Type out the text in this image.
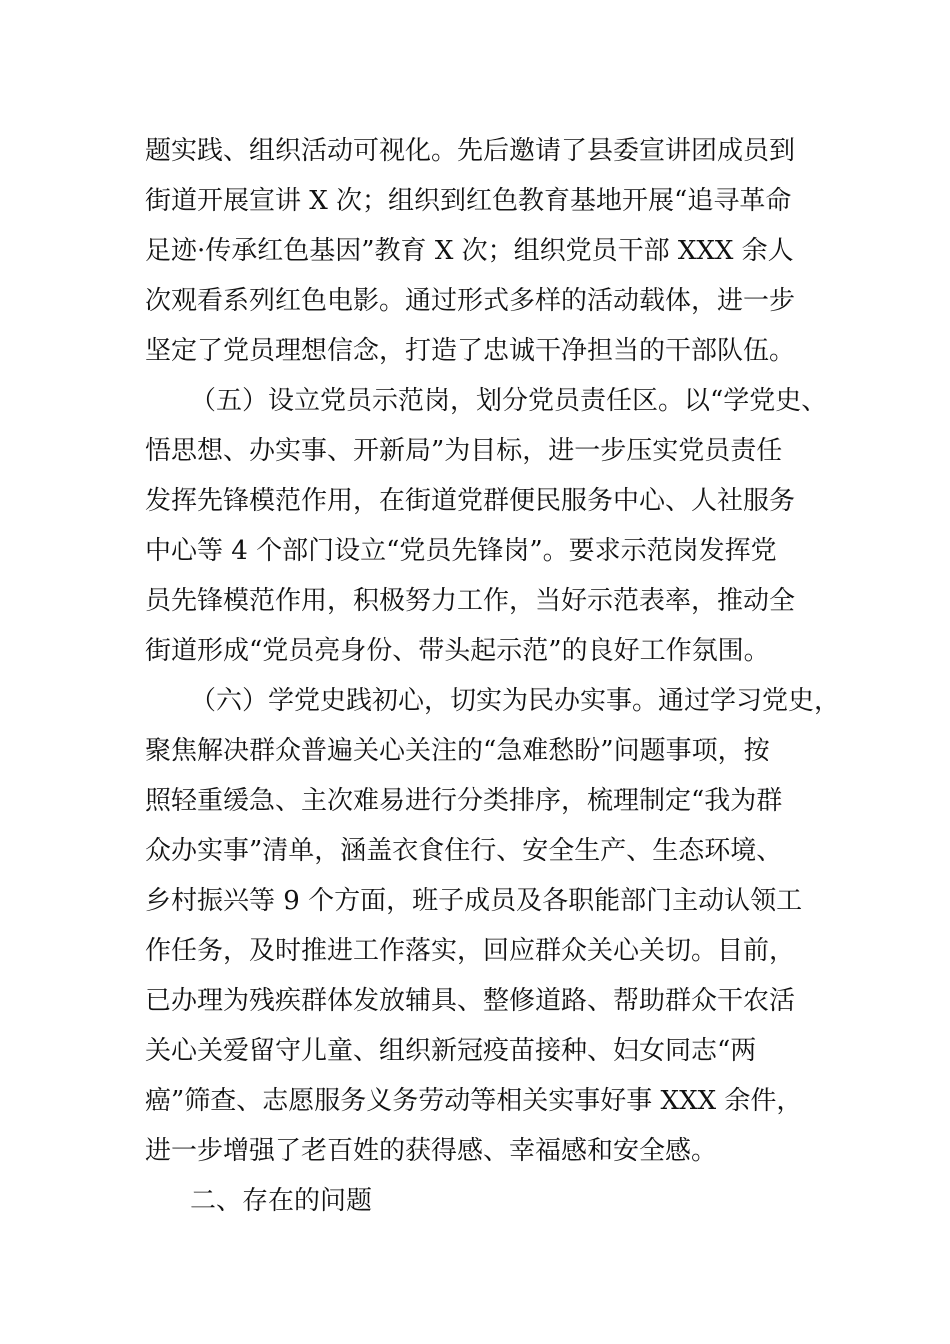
题实践、组织活动可视化。先后邀请了县委宣讲团成员到
街道开展宣讲 X 次；组织到红色教育基地开展“追寻革命
足迹·传承红色基因”教育 X 次；组织党员干部 XXX 余人
次观看系列红色电影。通过形式多样的活动载体，进一步
坚定了党员理想信念，打造了忠诚干净担当的干部队伍。
（五）设立党员示范岗，划分党员责任区。以“学党史、
悟思想、办实事、开新局”为目标，进一步压实党员责任
发挥先锋模范作用，在街道党群便民服务中心、人社服务
中心等 4 个部门设立“党员先锋岗”。要求示范岗发挥党
员先锋模范作用，积极努力工作，当好示范表率，推动全
街道形成“党员亮身份、带头起示范”的良好工作氛围。
（六）学党史践初心，切实为民办实事。通过学习党史，
聚焦解决群众普遍关心关注的“急难愁盼”问题事项，按
照轻重缓急、主次难易进行分类排序，梳理制定“我为群
众办实事”清单，涵盖衣食住行、安全生产、生态环境、
乡村振兴等 9 个方面，班子成员及各职能部门主动认领工
作任务，及时推进工作落实，回应群众关心关切。目前，
已办理为残疾群体发放辅具、整修道路、帮助群众干农活
关心关爱留守儿童、组织新冠疫苗接种、妇女同志“两
癌”筛查、志愿服务义务劳动等相关实事好事 XXX 余件，
进一步增强了老百姓的获得感、幸福感和安全感。
二、存在的问题
